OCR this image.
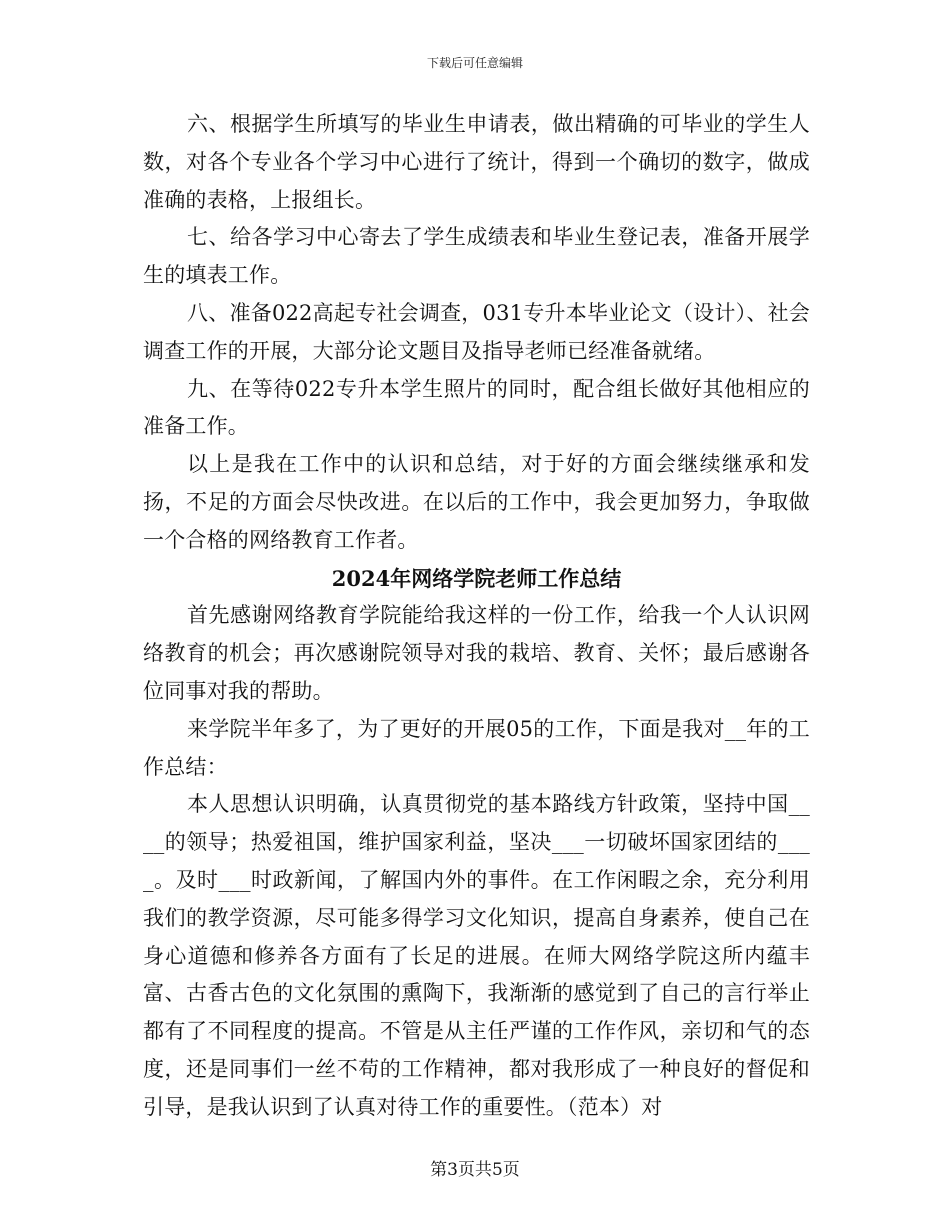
下载后可任意编辑

六、根据学生所填写的毕业生申请表，做出精确的可毕业的学生人数，对各个专业各个学习中心进行了统计，得到一个确切的数字，做成准确的表格，上报组长。

七、给各学习中心寄去了学生成绩表和毕业生登记表，准备开展学生的填表工作。

八、准备022高起专社会调查，031专升本毕业论文（设计）、社会调查工作的开展，大部分论文题目及指导老师已经准备就绪。

九、在等待022专升本学生照片的同时，配合组长做好其他相应的准备工作。

以上是我在工作中的认识和总结，对于好的方面会继续继承和发扬，不足的方面会尽快改进。在以后的工作中，我会更加努力，争取做一个合格的网络教育工作者。

2024年网络学院老师工作总结

首先感谢网络教育学院能给我这样的一份工作，给我一个人认识网络教育的机会；再次感谢院领导对我的栽培、教育、关怀；最后感谢各位同事对我的帮助。

来学院半年多了，为了更好的开展05的工作，下面是我对__年的工作总结：

本人思想认识明确，认真贯彻党的基本路线方针政策，坚持中国____的领导；热爱祖国，维护国家利益，坚决___一切破坏国家团结的____。及时___时政新闻，了解国内外的事件。在工作闲暇之余，充分利用我们的教学资源，尽可能多得学习文化知识，提高自身素养，使自己在身心道德和修养各方面有了长足的进展。在师大网络学院这所内蕴丰富、古香古色的文化氛围的熏陶下，我渐渐的感觉到了自己的言行举止都有了不同程度的提高。不管是从主任严谨的工作作风，亲切和气的态度，还是同事们一丝不苟的工作精神，都对我形成了一种良好的督促和引导，是我认识到了认真对待工作的重要性。（范本）对

第3页共5页
